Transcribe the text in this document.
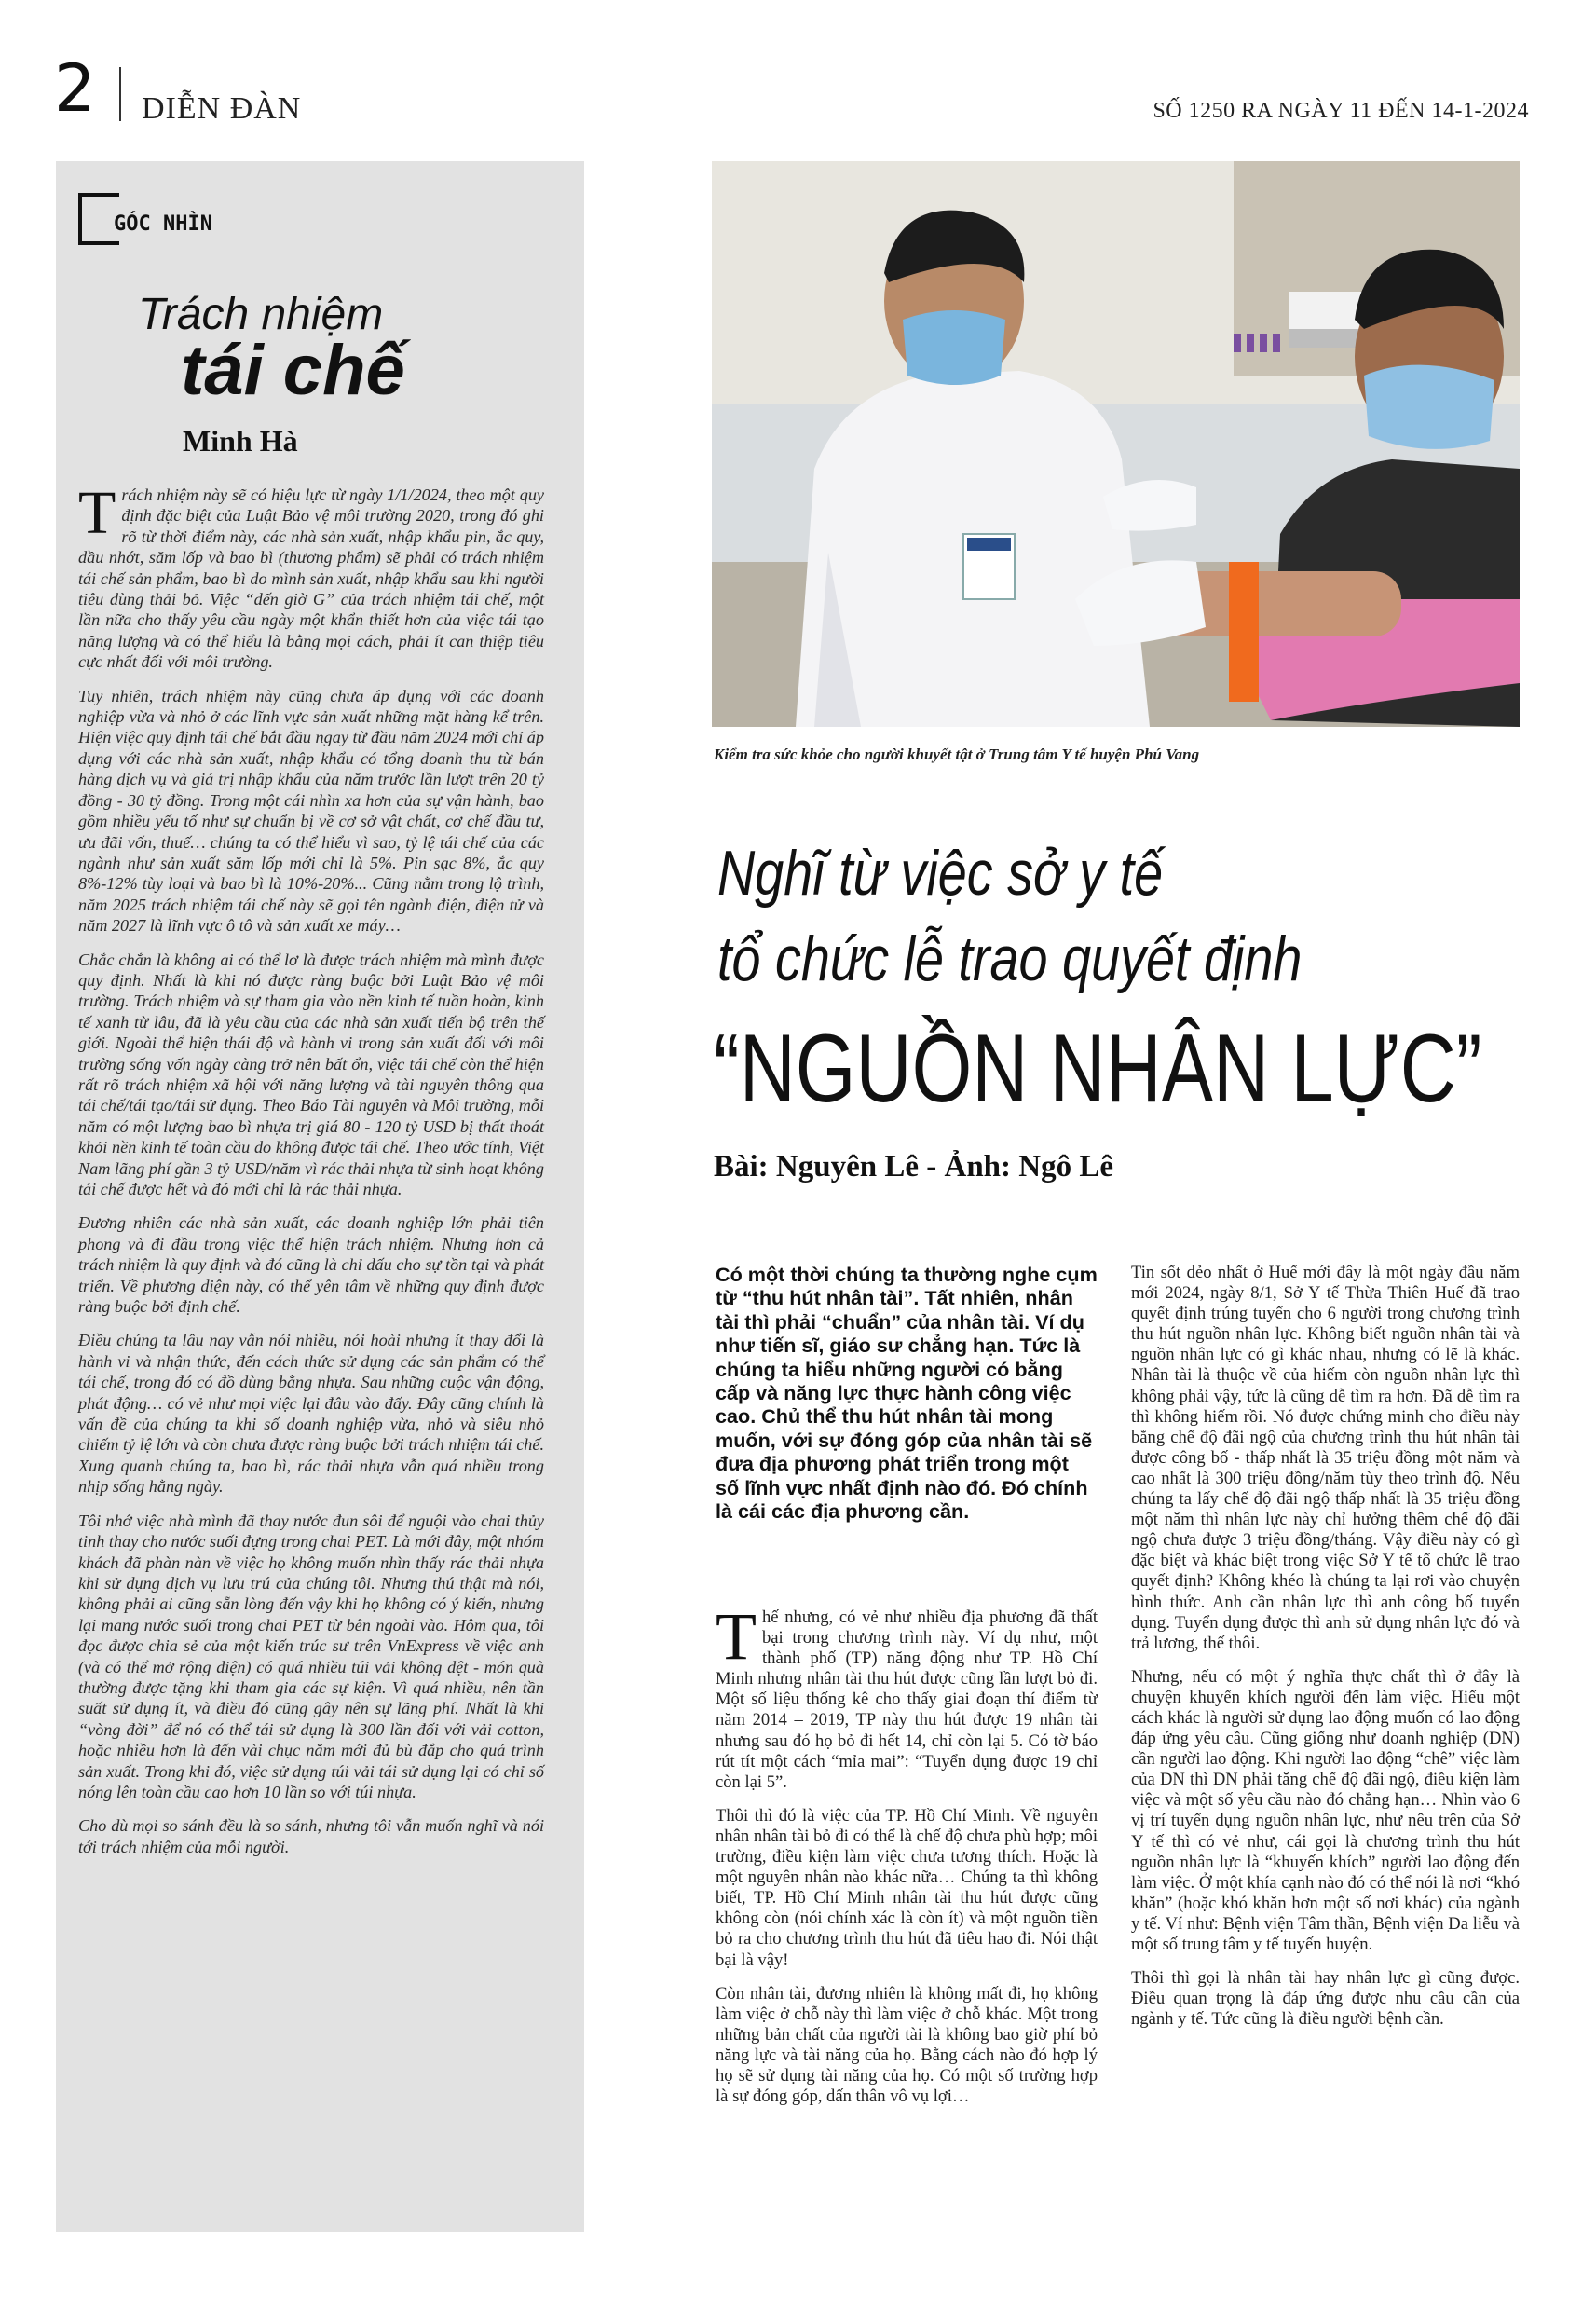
2 DIỄN ĐÀN	SỐ 1250 RA NGÀY 11 ĐẾN 14-1-2024
GÓC NHÌN
Trách nhiệm
tái chế
Minh Hà

Trách nhiệm này sẽ có hiệu lực từ ngày 1/1/2024, theo một quy định đặc biệt của Luật Bảo vệ môi trường 2020, trong đó ghi rõ từ thời điểm này, các nhà sản xuất, nhập khẩu pin, ắc quy, dầu nhớt, săm lốp và bao bì (thương phẩm) sẽ phải có trách nhiệm tái chế sản phẩm, bao bì do mình sản xuất, nhập khẩu sau khi người tiêu dùng thải bỏ. Việc “đến giờ G” của trách nhiệm tái chế, một lần nữa cho thấy yêu cầu ngày một khẩn thiết hơn của việc tái tạo năng lượng và có thể hiểu là bằng mọi cách, phải ít can thiệp tiêu cực nhất đối với môi trường.

Tuy nhiên, trách nhiệm này cũng chưa áp dụng với các doanh nghiệp vừa và nhỏ ở các lĩnh vực sản xuất những mặt hàng kể trên. Hiện việc quy định tái chế bắt đầu ngay từ đầu năm 2024 mới chỉ áp dụng với các nhà sản xuất, nhập khẩu có tổng doanh thu từ bán hàng dịch vụ và giá trị nhập khẩu của năm trước lần lượt trên 20 tỷ đồng - 30 tỷ đồng. Trong một cái nhìn xa hơn của sự vận hành, bao gồm nhiều yếu tố như sự chuẩn bị về cơ sở vật chất, cơ chế đầu tư, ưu đãi vốn, thuế… chúng ta có thể hiểu vì sao, tỷ lệ tái chế của các ngành như sản xuất săm lốp mới chỉ là 5%. Pin sạc 8%, ắc quy 8%-12% tùy loại và bao bì là 10%-20%... Cũng nằm trong lộ trình, năm 2025 trách nhiệm tái chế này sẽ gọi tên ngành điện, điện tử và năm 2027 là lĩnh vực ô tô và sản xuất xe máy…

Chắc chắn là không ai có thể lơ là được trách nhiệm mà mình được quy định. Nhất là khi nó được ràng buộc bởi Luật Bảo vệ môi trường. Trách nhiệm và sự tham gia vào nền kinh tế tuần hoàn, kinh tế xanh từ lâu, đã là yêu cầu của các nhà sản xuất tiến bộ trên thế giới. Ngoài thể hiện thái độ và hành vi trong sản xuất đối với môi trường sống vốn ngày càng trở nên bất ổn, việc tái chế còn thể hiện rất rõ trách nhiệm xã hội với năng lượng và tài nguyên thông qua tái chế/tái tạo/tái sử dụng. Theo Báo Tài nguyên và Môi trường, mỗi năm có một lượng bao bì nhựa trị giá 80 - 120 tỷ USD bị thất thoát khỏi nền kinh tế toàn cầu do không được tái chế. Theo ước tính, Việt Nam lãng phí gần 3 tỷ USD/năm vì rác thải nhựa từ sinh hoạt không tái chế được hết và đó mới chỉ là rác thải nhựa.

Đương nhiên các nhà sản xuất, các doanh nghiệp lớn phải tiên phong và đi đầu trong việc thể hiện trách nhiệm. Nhưng hơn cả trách nhiệm là quy định và đó cũng là chỉ dấu cho sự tồn tại và phát triển. Về phương diện này, có thể yên tâm về những quy định được ràng buộc bởi định chế.

Điều chúng ta lâu nay vẫn nói nhiều, nói hoài nhưng ít thay đổi là hành vi và nhận thức, đến cách thức sử dụng các sản phẩm có thể tái chế, trong đó có đồ dùng bằng nhựa. Sau những cuộc vận động, phát động… có vẻ như mọi việc lại đâu vào đấy. Đây cũng chính là vấn đề của chúng ta khi số doanh nghiệp vừa, nhỏ và siêu nhỏ chiếm tỷ lệ lớn và còn chưa được ràng buộc bởi trách nhiệm tái chế. Xung quanh chúng ta, bao bì, rác thải nhựa vẫn quá nhiều trong nhịp sống hằng ngày.

Tôi nhớ việc nhà mình đã thay nước đun sôi để nguội vào chai thủy tinh thay cho nước suối đựng trong chai PET. Là mới đây, một nhóm khách đã phàn nàn về việc họ không muốn nhìn thấy rác thải nhựa khi sử dụng dịch vụ lưu trú của chúng tôi. Nhưng thú thật mà nói, không phải ai cũng sẵn lòng đến vậy khi họ không có ý kiến, nhưng lại mang nước suối trong chai PET từ bên ngoài vào. Hôm qua, tôi đọc được chia sẻ của một kiến trúc sư trên VnExpress về việc anh (và có thể mở rộng diện) có quá nhiều túi vải không dệt - món quà thường được tặng khi tham gia các sự kiện. Vì quá nhiều, nên tần suất sử dụng ít, và điều đó cũng gây nên sự lãng phí. Nhất là khi “vòng đời” để nó có thể tái sử dụng là 300 lần đối với vải cotton, hoặc nhiều hơn là đến vài chục năm mới đủ bù đắp cho quá trình sản xuất. Trong khi đó, việc sử dụng túi vải tái sử dụng lại có chỉ số nóng lên toàn cầu cao hơn 10 lần so với túi nhựa.

Cho dù mọi so sánh đều là so sánh, nhưng tôi vẫn muốn nghĩ và nói tới trách nhiệm của mỗi người.

Kiểm tra sức khỏe cho người khuyết tật ở Trung tâm Y tế huyện Phú Vang
Nghĩ từ việc sở y tế
tổ chức lễ trao quyết định
“NGUỒN NHÂN LỰC”
Bài: Nguyên Lê - Ảnh: Ngô Lê
Có một thời chúng ta thường nghe cụm từ “thu hút nhân tài”. Tất nhiên, nhân tài thì phải “chuẩn” của nhân tài. Ví dụ như tiến sĩ, giáo sư chẳng hạn. Tức là chúng ta hiểu những người có bằng cấp và năng lực thực hành công việc cao. Chủ thể thu hút nhân tài mong muốn, với sự đóng góp của nhân tài sẽ đưa địa phương phát triển trong một số lĩnh vực nhất định nào đó. Đó chính là cái các địa phương cần.

Thế nhưng, có vẻ như nhiều địa phương đã thất bại trong chương trình này. Ví dụ như, một thành phố (TP) năng động như TP. Hồ Chí Minh nhưng nhân tài thu hút được cũng lần lượt bỏ đi. Một số liệu thống kê cho thấy giai đoạn thí điểm từ năm 2014 – 2019, TP này thu hút được 19 nhân tài nhưng sau đó họ bỏ đi hết 14, chỉ còn lại 5. Có tờ báo rút tít một cách “mỉa mai”: “Tuyển dụng được 19 chỉ còn lại 5”.

Thôi thì đó là việc của TP. Hồ Chí Minh. Về nguyên nhân nhân tài bỏ đi có thể là chế độ chưa phù hợp; môi trường, điều kiện làm việc chưa tương thích. Hoặc là một nguyên nhân nào khác nữa… Chúng ta thì không biết, TP. Hồ Chí Minh nhân tài thu hút được cũng không còn (nói chính xác là còn ít) và một nguồn tiền bỏ ra cho chương trình thu hút đã tiêu hao đi. Nói thật bại là vậy!

Còn nhân tài, đương nhiên là không mất đi, họ không làm việc ở chỗ này thì làm việc ở chỗ khác. Một trong những bản chất của người tài là không bao giờ phí bỏ năng lực và tài năng của họ. Bằng cách nào đó hợp lý họ sẽ sử dụng tài năng của họ. Có một số trường hợp là sự đóng góp, dấn thân vô vụ lợi…

Tin sốt dẻo nhất ở Huế mới đây là một ngày đầu năm mới 2024, ngày 8/1, Sở Y tế Thừa Thiên Huế đã trao quyết định trúng tuyển cho 6 người trong chương trình thu hút nguồn nhân lực. Không biết nguồn nhân tài và nguồn nhân lực có gì khác nhau, nhưng có lẽ là khác. Nhân tài là thuộc về của hiếm còn nguồn nhân lực thì không phải vậy, tức là cũng dễ tìm ra hơn. Đã dễ tìm ra thì không hiếm rồi. Nó được chứng minh cho điều này bằng chế độ đãi ngộ của chương trình thu hút nhân tài được công bố - thấp nhất là 35 triệu đồng một năm và cao nhất là 300 triệu đồng/năm tùy theo trình độ. Nếu chúng ta lấy chế độ đãi ngộ thấp nhất là 35 triệu đồng một năm thì nhân lực này chỉ hưởng thêm chế độ đãi ngộ chưa được 3 triệu đồng/tháng. Vậy điều này có gì đặc biệt và khác biệt trong việc Sở Y tế tổ chức lễ trao quyết định? Không khéo là chúng ta lại rơi vào chuyện hình thức. Anh cần nhân lực thì anh công bố tuyển dụng. Tuyển dụng được thì anh sử dụng nhân lực đó và trả lương, thế thôi.

Nhưng, nếu có một ý nghĩa thực chất thì ở đây là chuyện khuyến khích người đến làm việc. Hiểu một cách khác là người sử dụng lao động muốn có lao động đáp ứng yêu cầu. Cũng giống như doanh nghiệp (DN) cần người lao động. Khi người lao động “chê” việc làm của DN thì DN phải tăng chế độ đãi ngộ, điều kiện làm việc và một số yêu cầu nào đó chẳng hạn… Nhìn vào 6 vị trí tuyển dụng nguồn nhân lực, như nêu trên của Sở Y tế thì có vẻ như, cái gọi là chương trình thu hút nguồn nhân lực là “khuyến khích” người lao động đến làm việc. Ở một khía cạnh nào đó có thể nói là nơi “khó khăn” (hoặc khó khăn hơn một số nơi khác) của ngành y tế. Ví như: Bệnh viện Tâm thần, Bệnh viện Da liễu và một số trung tâm y tế tuyến huyện.

Thôi thì gọi là nhân tài hay nhân lực gì cũng được. Điều quan trọng là đáp ứng được nhu cầu cần của ngành y tế. Tức cũng là điều người bệnh cần.
